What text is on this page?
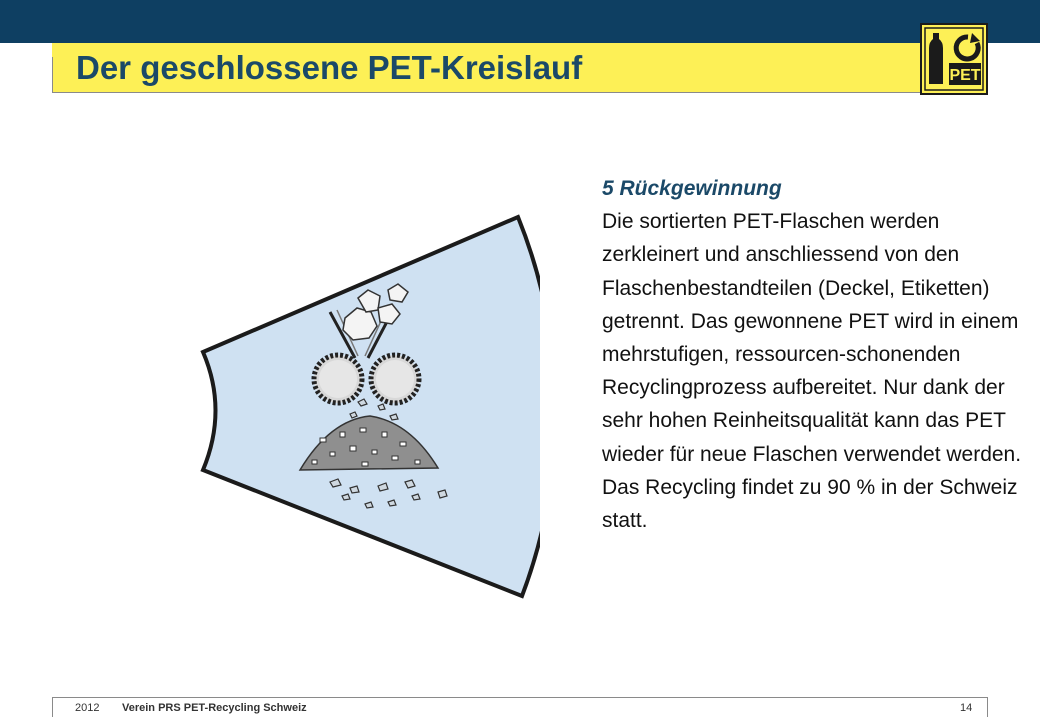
Der geschlossene PET-Kreislauf	PET
5 Rückgewinnung
Die sortierten PET-Flaschen werden zerkleinert und anschliessend von den Flaschenbestandteilen (Deckel, Etiketten) getrennt. Das gewonnene PET wird in einem mehrstufigen, ressourcen-schonenden Recyclingprozess aufbereitet. Nur dank der sehr hohen Reinheitsqualität kann das PET wieder für neue Flaschen verwendet werden. Das Recycling findet zu 90 % in der Schweiz statt.
2012 Verein PRS PET-Recycling Schweiz	14
